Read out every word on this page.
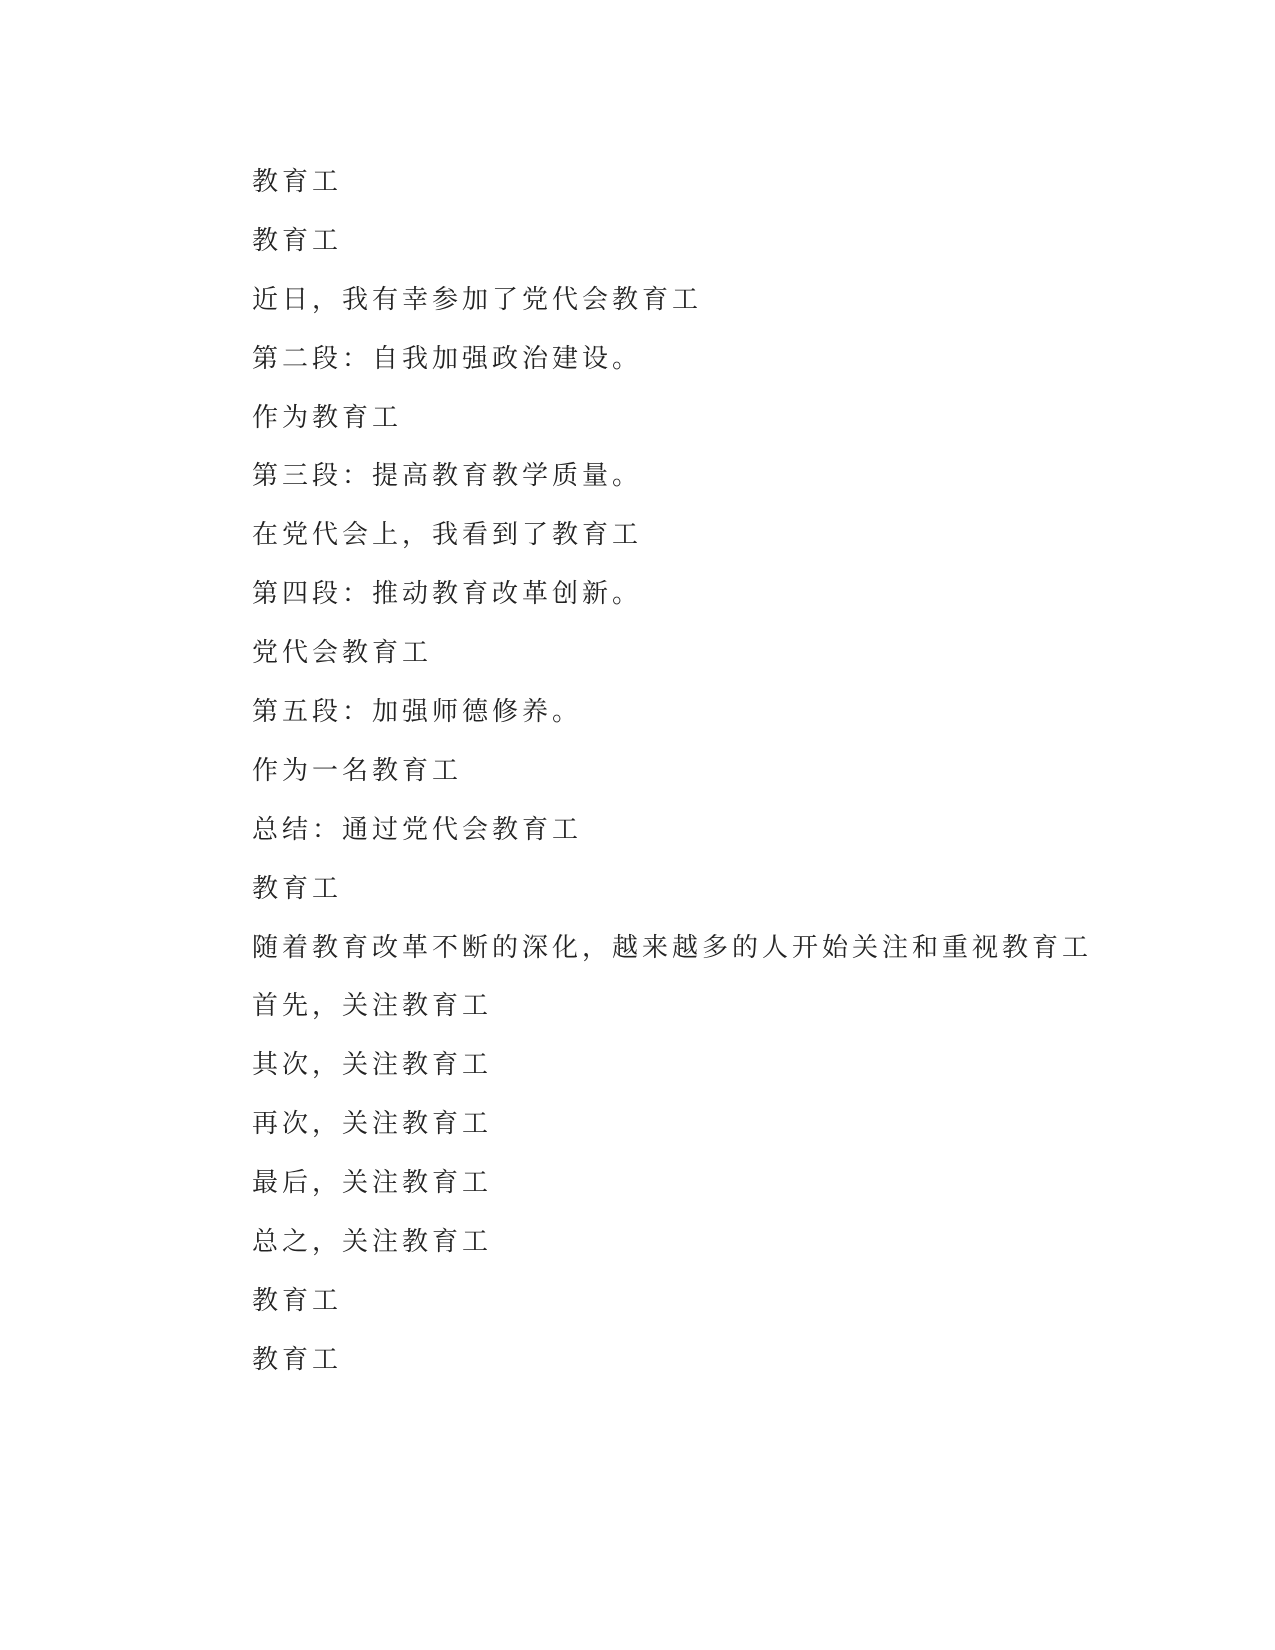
教育工
教育工
近日，我有幸参加了党代会教育工
第二段：自我加强政治建设。
作为教育工
第三段：提高教育教学质量。
在党代会上，我看到了教育工
第四段：推动教育改革创新。
党代会教育工
第五段：加强师德修养。
作为一名教育工
总结：通过党代会教育工
教育工
随着教育改革不断的深化，越来越多的人开始关注和重视教育工
首先，关注教育工
其次，关注教育工
再次，关注教育工
最后，关注教育工
总之，关注教育工
教育工
教育工
